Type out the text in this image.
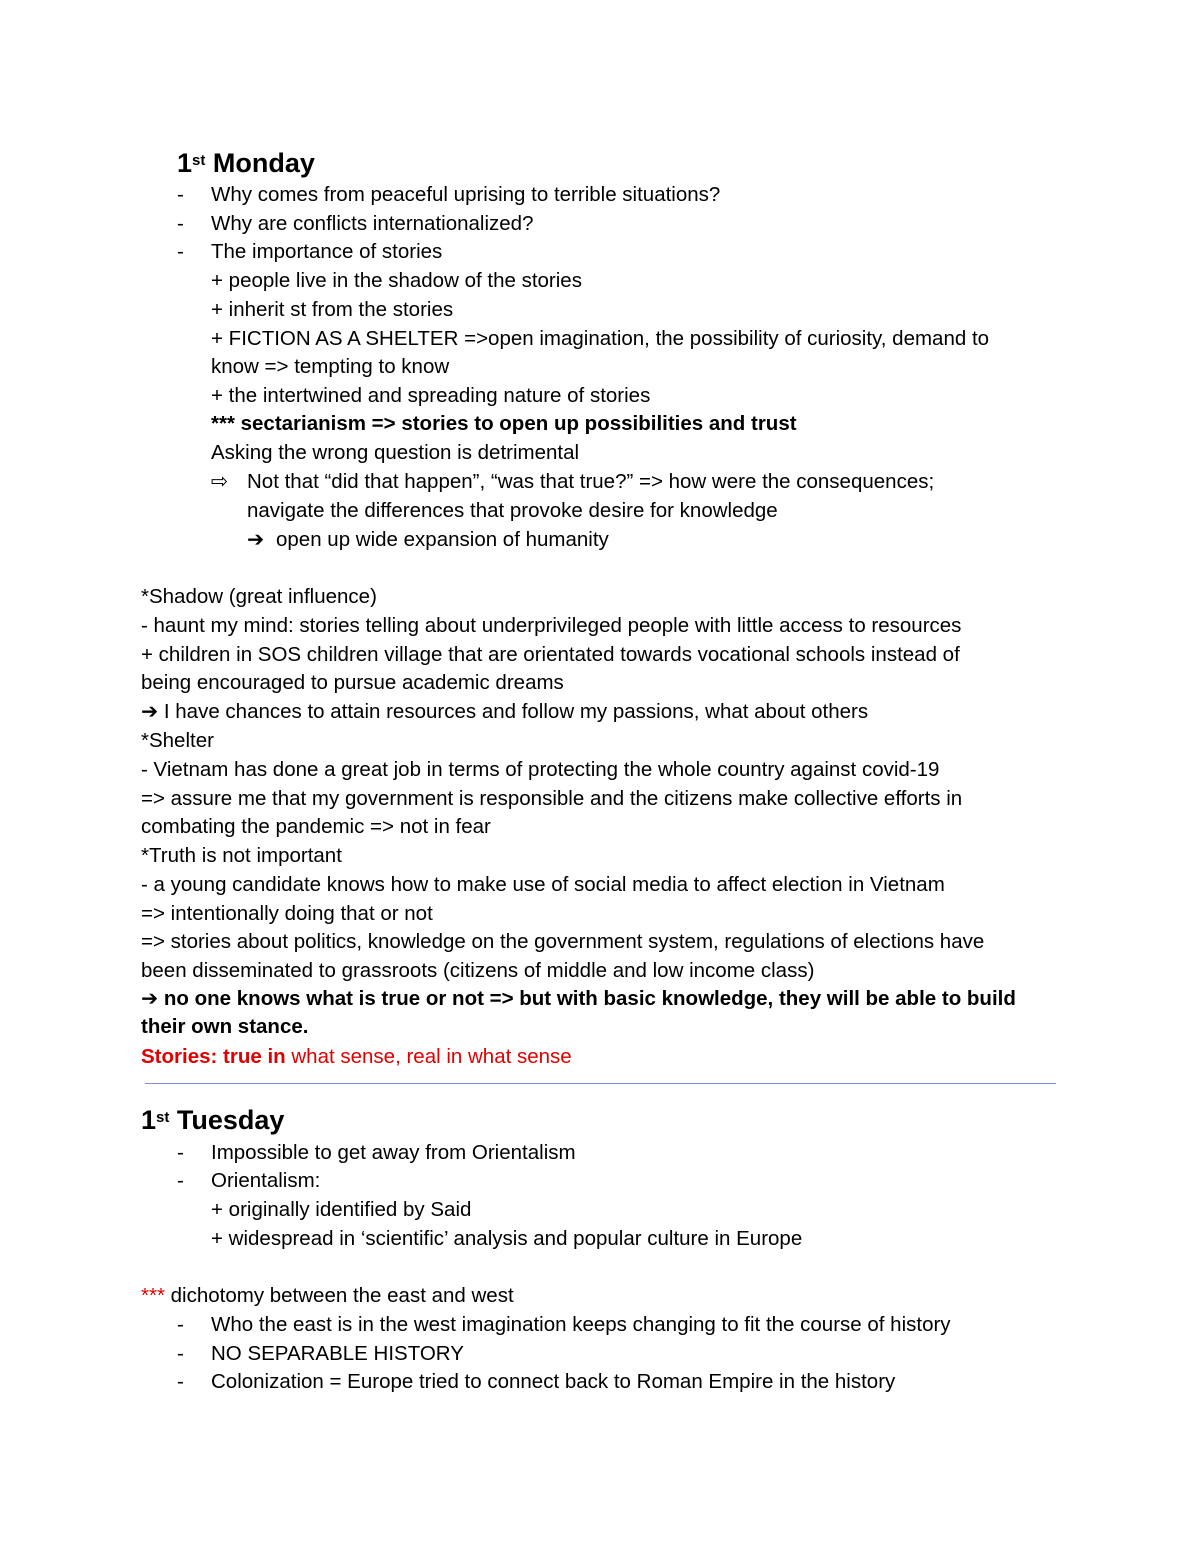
1st Monday
- Why comes from peaceful uprising to terrible situations?
- Why are conflicts internationalized?
- The importance of stories
+ people live in the shadow of the stories
+ inherit st from the stories
+ FICTION AS A SHELTER =>open imagination, the possibility of curiosity, demand to
know => tempting to know
+ the intertwined and spreading nature of stories
*** sectarianism => stories to open up possibilities and trust
Asking the wrong question is detrimental
⇨ Not that “did that happen”, “was that true?” => how were the consequences;
navigate the differences that provoke desire for knowledge
➔ open up wide expansion of humanity
*Shadow (great influence)
- haunt my mind: stories telling about underprivileged people with little access to resources
+ children in SOS children village that are orientated towards vocational schools instead of
being encouraged to pursue academic dreams
➔ I have chances to attain resources and follow my passions, what about others
*Shelter
- Vietnam has done a great job in terms of protecting the whole country against covid-19
=> assure me that my government is responsible and the citizens make collective efforts in
combating the pandemic => not in fear
*Truth is not important
- a young candidate knows how to make use of social media to affect election in Vietnam
=> intentionally doing that or not
=> stories about politics, knowledge on the government system, regulations of elections have
been disseminated to grassroots (citizens of middle and low income class)
➔ no one knows what is true or not => but with basic knowledge, they will be able to build
their own stance.
Stories: true in what sense, real in what sense
1st Tuesday
- Impossible to get away from Orientalism
- Orientalism:
+ originally identified by Said
+ widespread in ‘scientific’ analysis and popular culture in Europe
*** dichotomy between the east and west
- Who the east is in the west imagination keeps changing to fit the course of history
- NO SEPARABLE HISTORY
- Colonization = Europe tried to connect back to Roman Empire in the history
